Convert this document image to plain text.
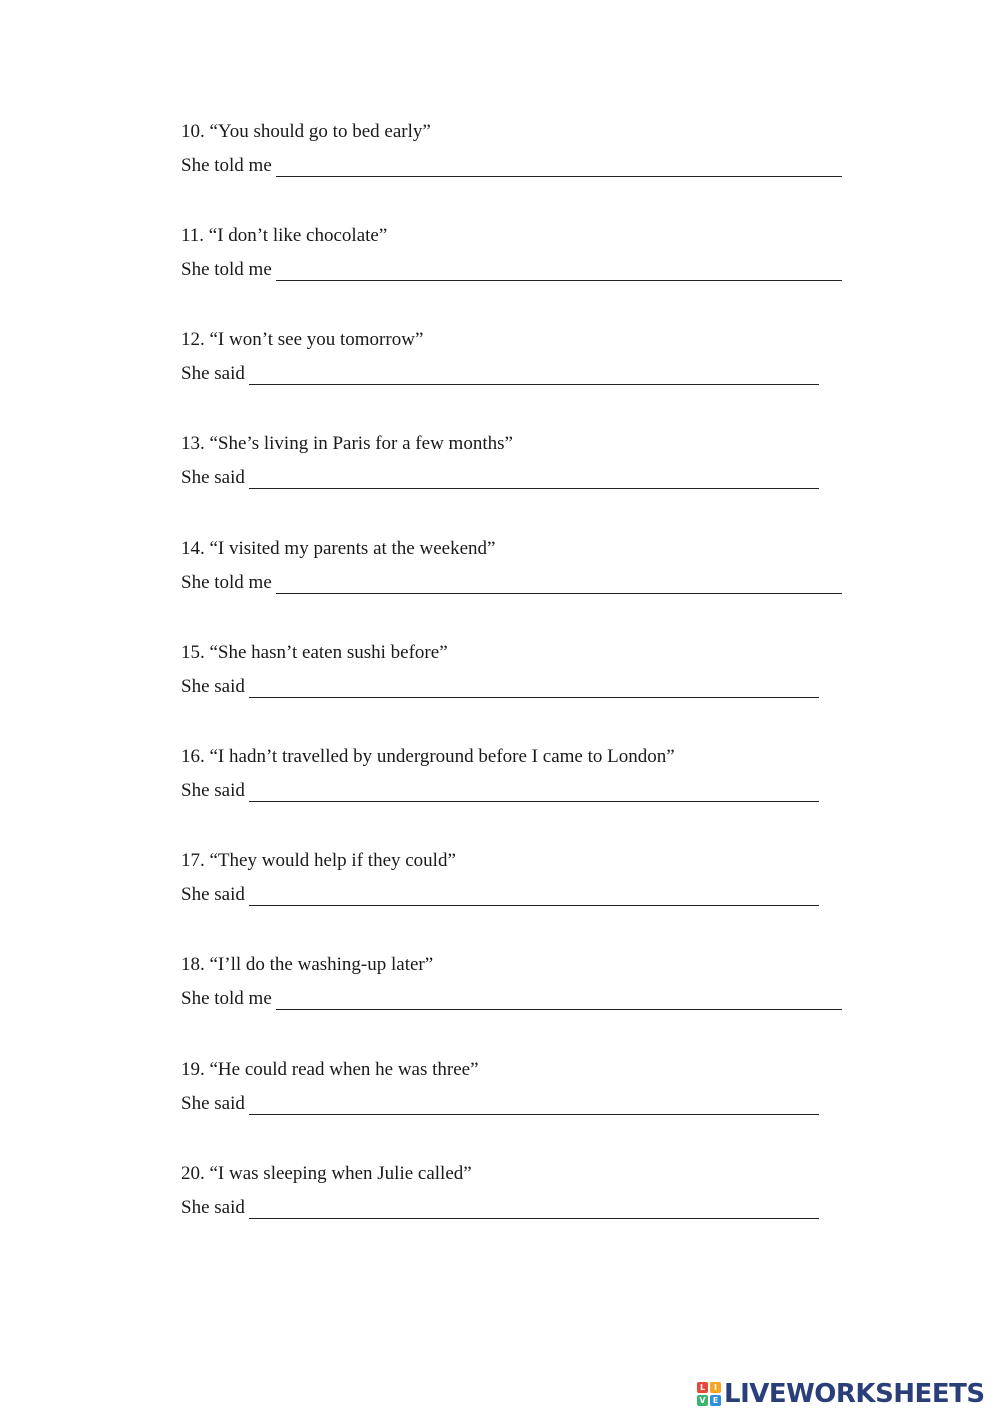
10. “You should go to bed early”
She told me
11. “I don’t like chocolate”
She told me
12. “I won’t see you tomorrow”
She said
13. “She’s living in Paris for a few months”
She said
14. “I visited my parents at the weekend”
She told me
15. “She hasn’t eaten sushi before”
She said
16. “I hadn’t travelled by underground before I came to London”
She said
17. “They would help if they could”
She said
18. “I’ll do the washing-up later”
She told me
19. “He could read when he was three”
She said
20. “I was sleeping when Julie called”
She said
L	I
V E LIVEWORKSHEETS
